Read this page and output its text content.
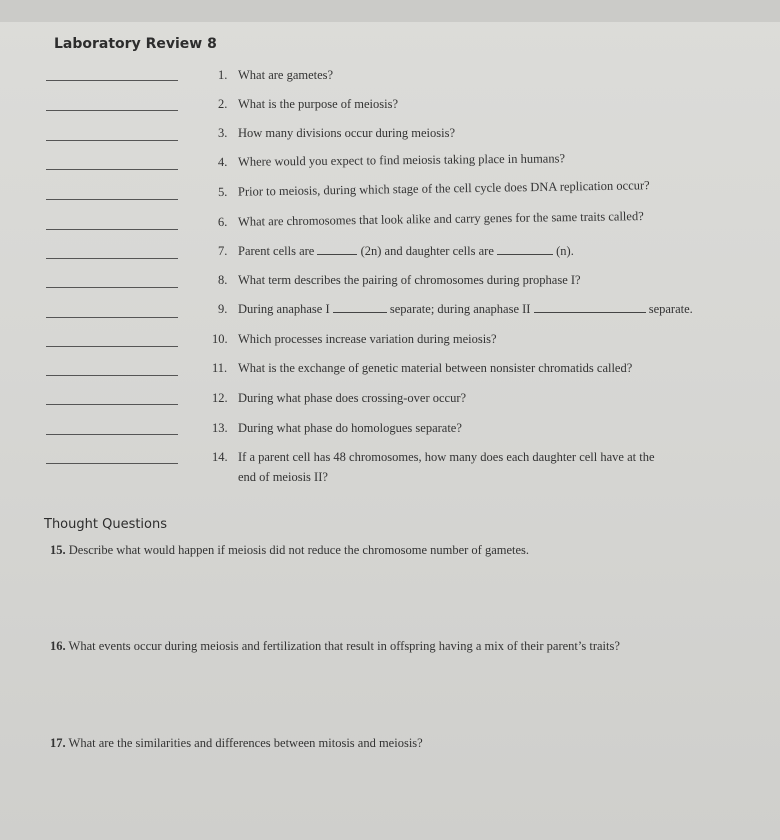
Laboratory Review 8
1. What are gametes?
2. What is the purpose of meiosis?
3. How many divisions occur during meiosis?
4. Where would you expect to find meiosis taking place in humans?
5. Prior to meiosis, during which stage of the cell cycle does DNA replication occur?
6. What are chromosomes that look alike and carry genes for the same traits called?
7. Parent cells are	(2n) and daughter cells are	(n).
8. What term describes the pairing of chromosomes during prophase I?
9. During anaphase I	separate; during anaphase II	separate.
10. Which processes increase variation during meiosis?
11. What is the exchange of genetic material between nonsister chromatids called?
12. During what phase does crossing-over occur?
13. During what phase do homologues separate?
14. If a parent cell has 48 chromosomes, how many does each daughter cell have at the
end of meiosis II?
Thought Questions
15. Describe what would happen if meiosis did not reduce the chromosome number of gametes.
16. What events occur during meiosis and fertilization that result in offspring having a mix of their parent’s traits?
17. What are the similarities and differences between mitosis and meiosis?
